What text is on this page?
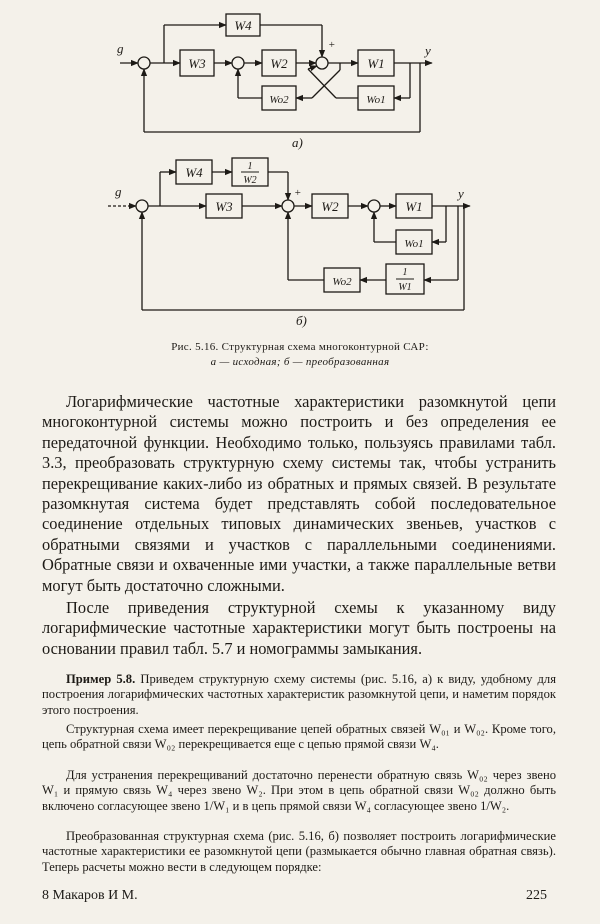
g	y
+
W4
W3	W2	W1
Wo2	Wo1
а)
g	y
+
W4	1
W2
W3	W2	W1
Wo1
Wo2
1
W1
б)
Рис. 5.16. Структурная схема многоконтурной САР:
а — исходная; б — преобразованная
Логарифмические частотные характеристики разомкнутой цепи многоконтурной системы можно построить и без определения ее передаточной функции. Необходимо только, пользуясь правилами табл. 3.3, преобразовать структурную схему системы так, чтобы устранить перекрещивание каких-либо из обратных и прямых связей. В результате разомкнутая система будет представлять собой последовательное соединение отдельных типовых динамических звеньев, участков с обратными связями и участков с параллельными соединениями. Обратные связи и охваченные ими участки, а также параллельные ветви могут быть достаточно сложными.
После приведения структурной схемы к указанному виду логарифмические частотные характеристики могут быть построены на основании правил табл. 5.7 и номограммы замыкания.
Пример 5.8. Приведем структурную схему системы (рис. 5.16, а) к виду, удобному для построения логарифмических частотных характеристик разомкнутой цепи, и наметим порядок этого построения.
Структурная схема имеет перекрещивание цепей обратных связей W₀₁ и W₀₂. Кроме того, цепь обратной связи W₀₂ перекрещивается еще с цепью прямой связи W₄.
Для устранения перекрещиваний достаточно перенести обратную связь W₀₂ через звено W₁ и прямую связь W₄ через звено W₂. При этом в цепь обратной связи W₀₂ должно быть включено согласующее звено 1/W₁ и в цепь прямой связи W₄ согласующее звено 1/W₂.
Преобразованная структурная схема (рис. 5.16, б) позволяет построить логарифмические частотные характеристики ее разомкнутой цепи (размыкается обычно главная обратная связь). Теперь расчеты можно вести в следующем порядке:
8 Макаров И М.	225
